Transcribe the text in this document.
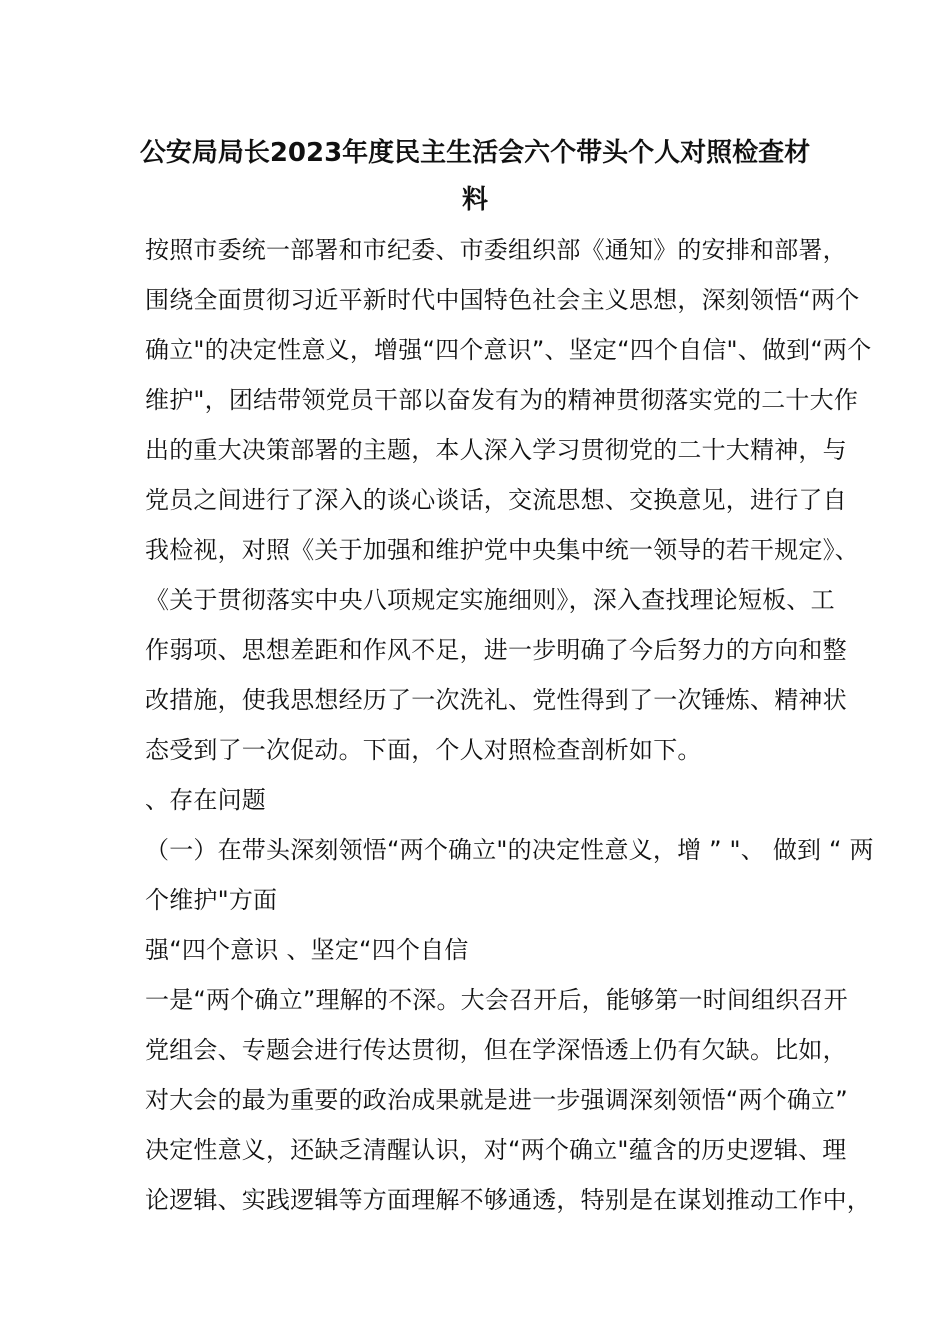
公安局局长2023年度民主生活会六个带头个人对照检查材
料
按照市委统一部署和市纪委、市委组织部《通知》的安排和部署，
围绕全面贯彻习近平新时代中国特色社会主义思想，深刻领悟“两个
确立"的决定性意义，增强“四个意识”、坚定“四个自信"、做到“两个
维护"，团结带领党员干部以奋发有为的精神贯彻落实党的二十大作
出的重大决策部署的主题，本人深入学习贯彻党的二十大精神，与
党员之间进行了深入的谈心谈话，交流思想、交换意见，进行了自
我检视，对照《关于加强和维护党中央集中统一领导的若干规定》、
《关于贯彻落实中央八项规定实施细则》，深入查找理论短板、工
作弱项、思想差距和作风不足，进一步明确了今后努力的方向和整
改措施，使我思想经历了一次洗礼、党性得到了一次锤炼、精神状
态受到了一次促动。下面，个人对照检查剖析如下。
、存在问题
（一）在带头深刻领悟“两个确立"的决定性意义，增 ” "、 做到 “ 两
个维护"方面
强“四个意识 、坚定“四个自信
一是“两个确立”理解的不深。大会召开后，能够第一时间组织召开
党组会、专题会进行传达贯彻，但在学深悟透上仍有欠缺。比如，
对大会的最为重要的政治成果就是进一步强调深刻领悟“两个确立”
决定性意义，还缺乏清醒认识，对“两个确立"蕴含的历史逻辑、理
论逻辑、实践逻辑等方面理解不够通透，特别是在谋划推动工作中，
